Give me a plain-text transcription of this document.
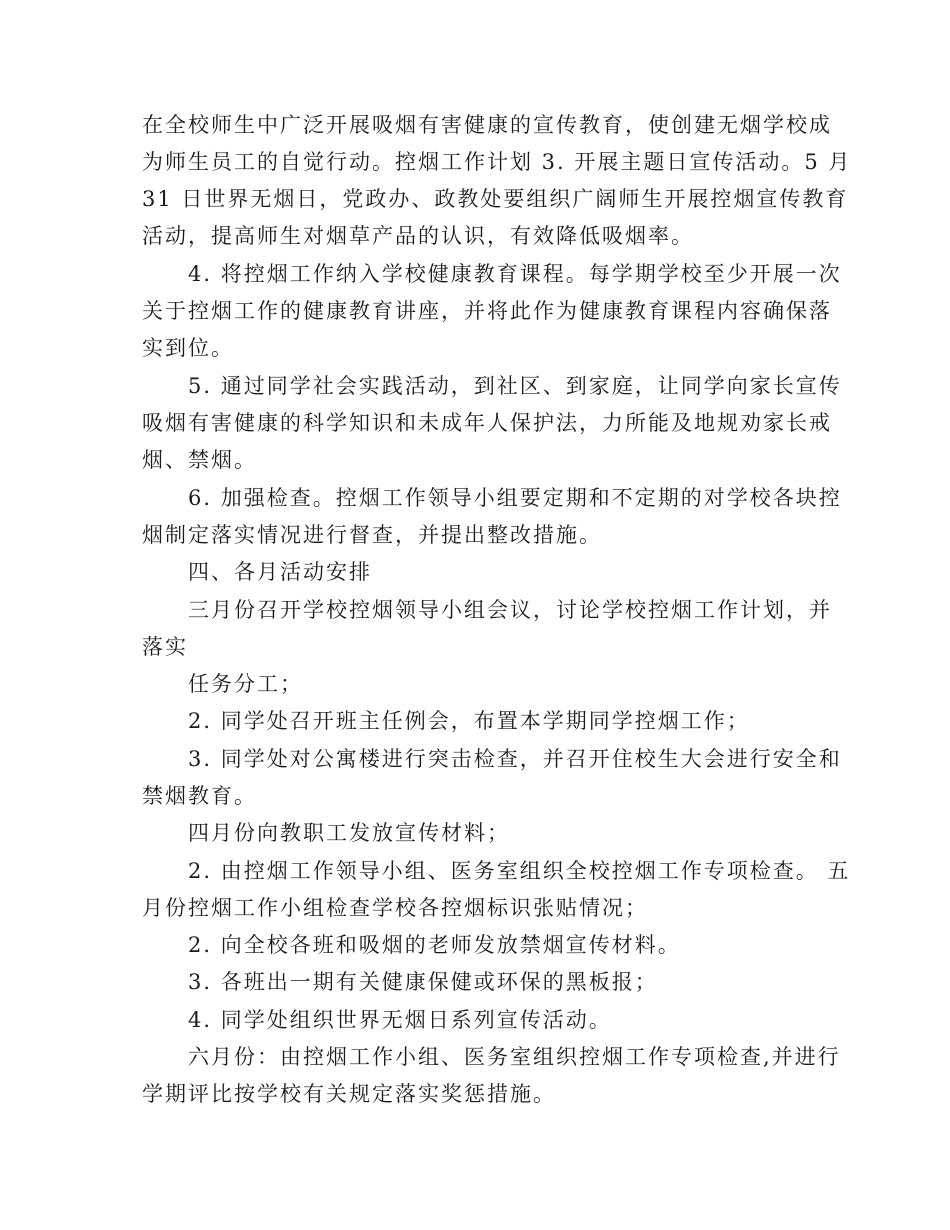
在全校师生中广泛开展吸烟有害健康的宣传教育，使创建无烟学校成

为师生员工的自觉行动。控烟工作计划 3. 开展主题日宣传活动。5 月

31 日世界无烟日，党政办、政教处要组织广阔师生开展控烟宣传教育

活动，提高师生对烟草产品的认识，有效降低吸烟率。

4. 将控烟工作纳入学校健康教育课程。每学期学校至少开展一次

关于控烟工作的健康教育讲座，并将此作为健康教育课程内容确保落

实到位。

5. 通过同学社会实践活动，到社区、到家庭，让同学向家长宣传

吸烟有害健康的科学知识和未成年人保护法，力所能及地规劝家长戒

烟、禁烟。

6. 加强检查。控烟工作领导小组要定期和不定期的对学校各块控

烟制定落实情况进行督查，并提出整改措施。

四、各月活动安排

三月份召开学校控烟领导小组会议，讨论学校控烟工作计划，并

落实

任务分工；

2. 同学处召开班主任例会，布置本学期同学控烟工作；

3. 同学处对公寓楼进行突击检查，并召开住校生大会进行安全和

禁烟教育。

四月份向教职工发放宣传材料；

2. 由控烟工作领导小组、医务室组织全校控烟工作专项检查。 五

月份控烟工作小组检查学校各控烟标识张贴情况；

2. 向全校各班和吸烟的老师发放禁烟宣传材料。

3. 各班出一期有关健康保健或环保的黑板报；

4. 同学处组织世界无烟日系列宣传活动。

六月份：由控烟工作小组、医务室组织控烟工作专项检查,并进行

学期评比按学校有关规定落实奖惩措施。
